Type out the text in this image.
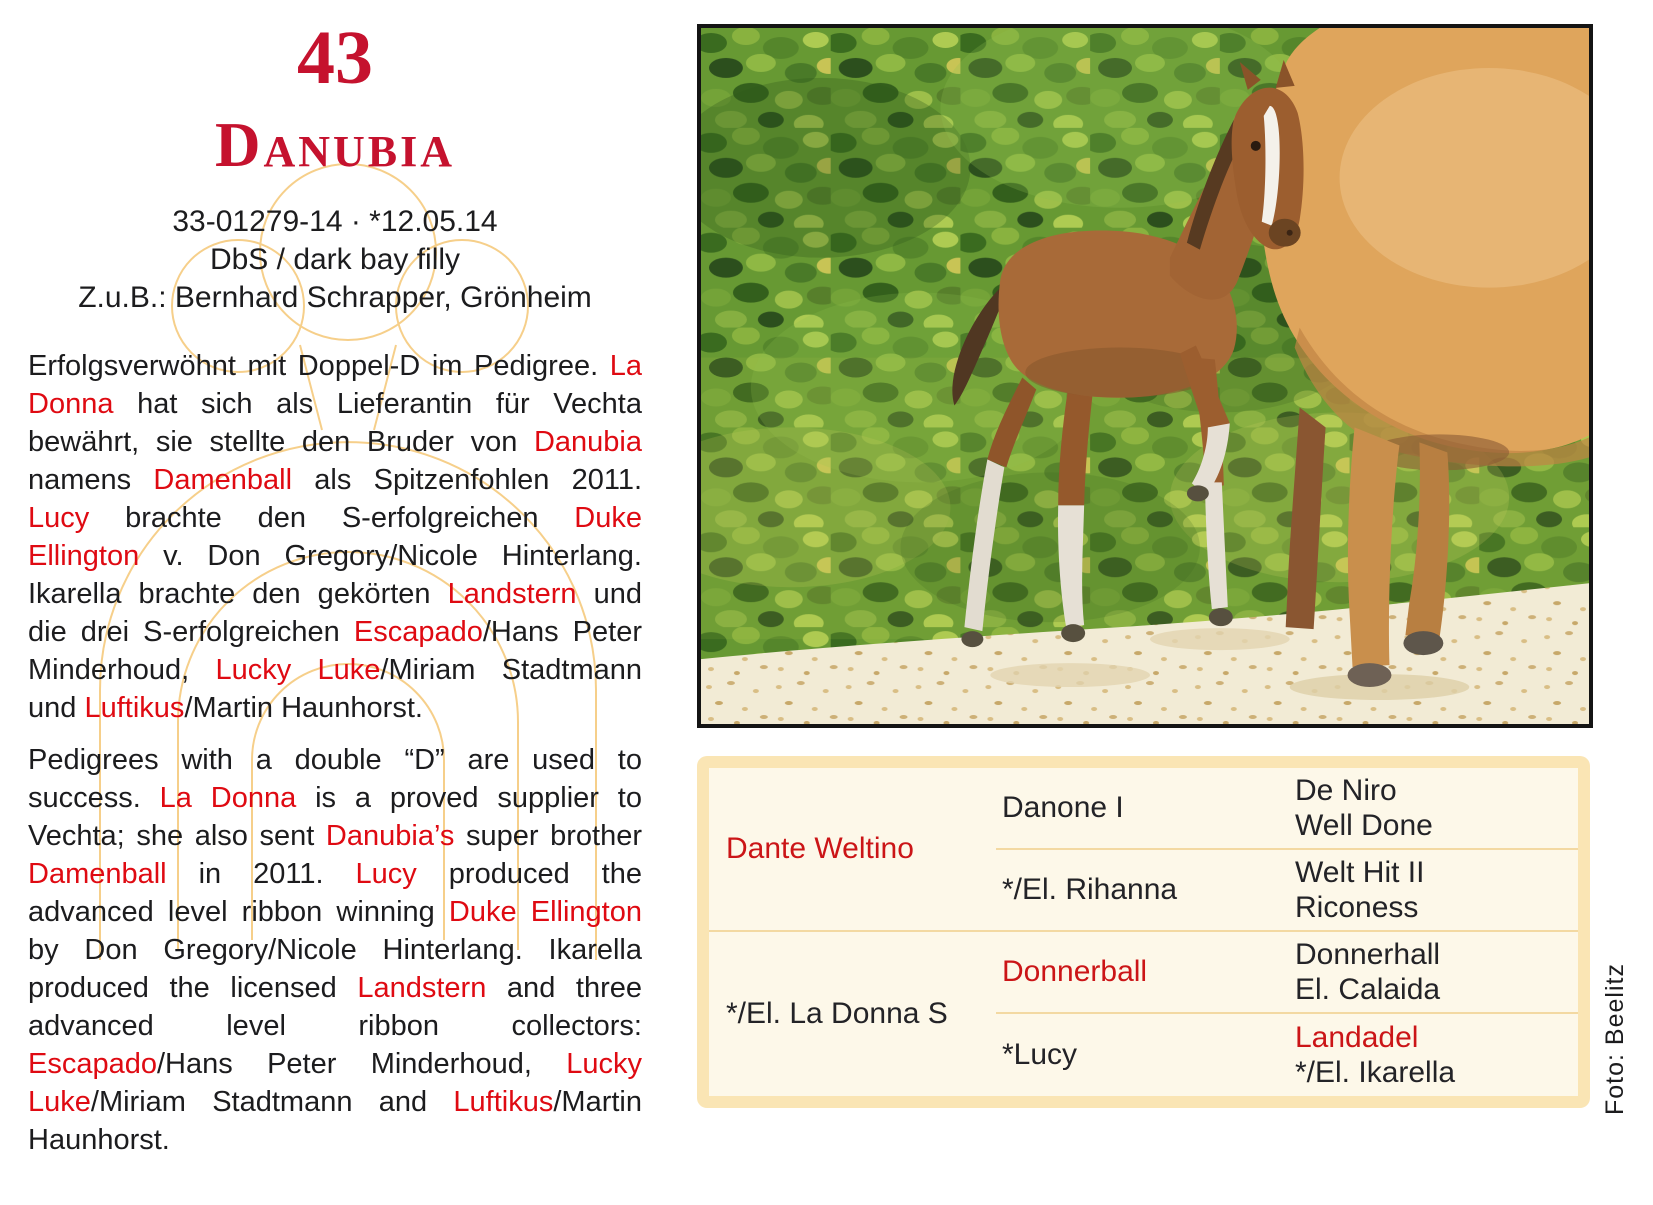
43
Danubia
33-01279-14 · *12.05.14
DbS / dark bay filly
Z.u.B.: Bernhard Schrapper, Grönheim

Erfolgsverwöhnt mit Doppel-D im Pedigree. La Donna hat sich als Lieferantin für Vechta bewährt, sie stellte den Bruder von Danubia namens Damenball als Spitzenfohlen 2011. Lucy brachte den S-erfolgreichen Duke Ellington v. Don Gregory/Nicole Hinterlang. Ikarella brachte den gekörten Landstern und die drei S-erfolgreichen Escapado/Hans Peter Minderhoud, Lucky Luke/Miriam Stadtmann und Luftikus/Martin Haunhorst.

Pedigrees with a double “D” are used to success. La Donna is a proved supplier to Vechta; she also sent Danubia’s super brother Damenball in 2011. Lucy produced the advanced level ribbon winning Duke Ellington by Don Gregory/Nicole Hinterlang. Ikarella produced the licensed Landstern and three advanced level ribbon collectors: Escapado/Hans Peter Minderhoud, Lucky Luke/Miriam Stadtmann and Luftikus/Martin Haunhorst.

Dante Weltino
Danone I
De Niro
Well Done
*/El. Rihanna
Welt Hit II
Riconess
*/El. La Donna S
Donnerball
Donnerhall
El. Calaida
*Lucy
Landadel
*/El. Ikarella	Foto: Beelitz
